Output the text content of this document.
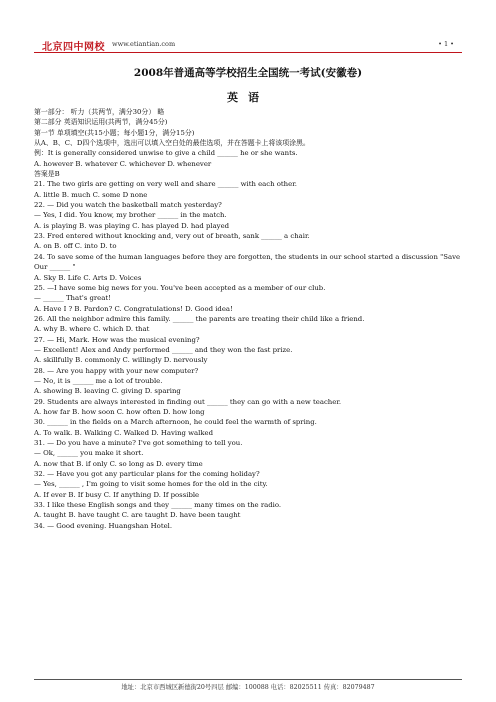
北京四中网校 www.etiantian.com	• 1 •
2008年普通高等学校招生全国统一考试(安徽卷)
英语
第一部分： 听力（共两节，满分30分） 略
第二部分 英语知识运用(共两节，满分45分)
第一节 单项填空(共15小题；每小题1分，满分15分)
从A、B、C、D四个选项中，选出可以填入空白处的最佳选项，并在答题卡上将该项涂黑。
例：It is generally considered unwise to give a child ______ he or she wants.
A. however B. whatever C. whichever D. whenever
答案是B
21. The two girls are getting on very well and share ______ with each other.
A. little B. much C. some D none
22. — Did you watch the basketball match yesterday?
— Yes, I did. You know, my brother ______ in the match.
A. is playing B. was playing C. has played D. had played
23. Fred entered without knocking and, very out of breath, sank ______ a chair.
A. on B. off C. into D. to
24. To save some of the human languages before they are forgotten, the students in our school started a discussion "Save Our ______ "
A. Sky B. Life C. Arts D. Voices
25. —I have some big news for you. You've been accepted as a member of our club.
— ______ That's great!
A. Have I ? B. Pardon? C. Congratulations! D. Good idea!
26. All the neighbor admire this family. ______ the parents are treating their child like a friend.
A. why B. where C. which D. that
27. — Hi, Mark. How was the musical evening?
— Excellent! Alex and Andy performed ______ and they won the fast prize.
A. skillfully B. commonly C. willingly D. nervously
28. — Are you happy with your new computer?
— No, it is ______ me a lot of trouble.
A. showing B. leaving C. giving D. sparing
29. Students are always interested in finding out ______ they can go with a new teacher.
A. how far B. how soon C. how often D. how long
30. ______ in the fields on a March afternoon, he could feel the warmth of spring.
A. To walk. B. Walking C. Walked D. Having walked
31. — Do you have a minute? I've got something to tell you.
— Ok, ______ you make it short.
A. now that B. if only C. so long as D. every time
32. — Have you got any particular plans for the coming holiday?
— Yes, ______ , I'm going to visit some homes for the old in the city.
A. If ever B. If busy C. If anything D. If possible
33. I like these English songs and they ______ many times on the radio.
A. taught B. have taught C. are taught D. have been taught
34. — Good evening. Huangshan Hotel.
地址：北京市西城区新德街20号四层 邮编：100088 电话：82025511 传真：82079487
